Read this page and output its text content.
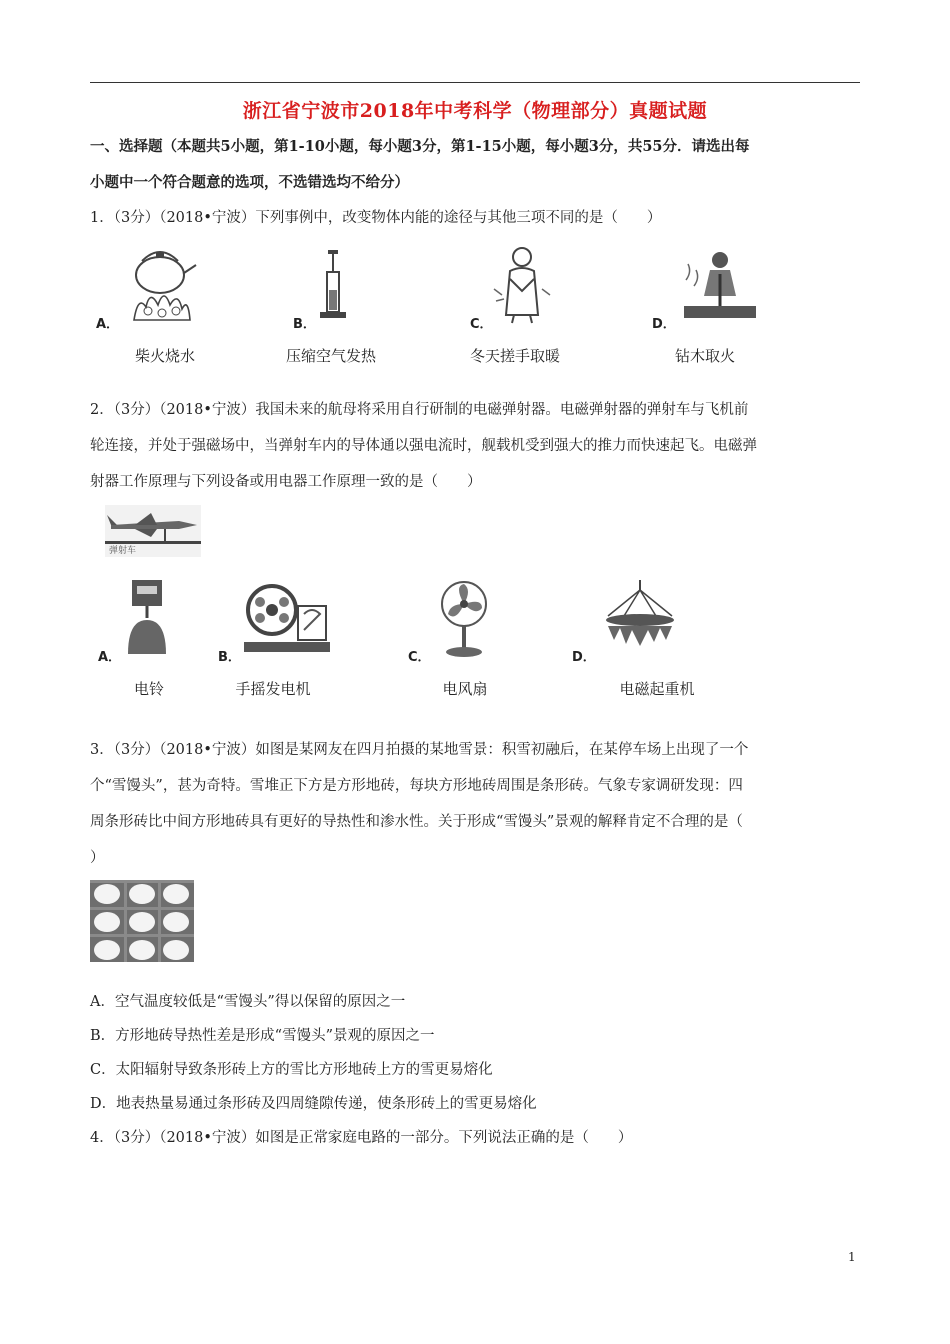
浙江省宁波市2018年中考科学（物理部分）真题试题
一、选择题（本题共5小题，第1-10小题，每小题3分，第1-15小题，每小题3分，共55分．请选出每
小题中一个符合题意的选项，不选错选均不给分）
1．（3分）（2018•宁波）下列事例中，改变物体内能的途径与其他三项不同的是（　　）
A．
柴火烧水
B．
压缩空气发热
C．
冬天搓手取暖
D．
钻木取火
2．（3分）（2018•宁波）我国未来的航母将采用自行研制的电磁弹射器。电磁弹射器的弹射车与飞机前
轮连接，并处于强磁场中，当弹射车内的导体通以强电流时，舰载机受到强大的推力而快速起飞。电磁弹
射器工作原理与下列设备或用电器工作原理一致的是（　　）
弹射车
A．
电铃
B．
手摇发电机
C．
电风扇
D．
电磁起重机
3．（3分）（2018•宁波）如图是某网友在四月拍摄的某地雪景：积雪初融后，在某停车场上出现了一个
个“雪馒头”，甚为奇特。雪堆正下方是方形地砖，每块方形地砖周围是条形砖。气象专家调研发现：四
周条形砖比中间方形地砖具有更好的导热性和渗水性。关于形成“雪馒头”景观的解释肯定不合理的是（
）
A．空气温度较低是“雪馒头”得以保留的原因之一
B．方形地砖导热性差是形成“雪馒头”景观的原因之一
C．太阳辐射导致条形砖上方的雪比方形地砖上方的雪更易熔化
D．地表热量易通过条形砖及四周缝隙传递，使条形砖上的雪更易熔化
4．（3分）（2018•宁波）如图是正常家庭电路的一部分。下列说法正确的是（　　）
1
